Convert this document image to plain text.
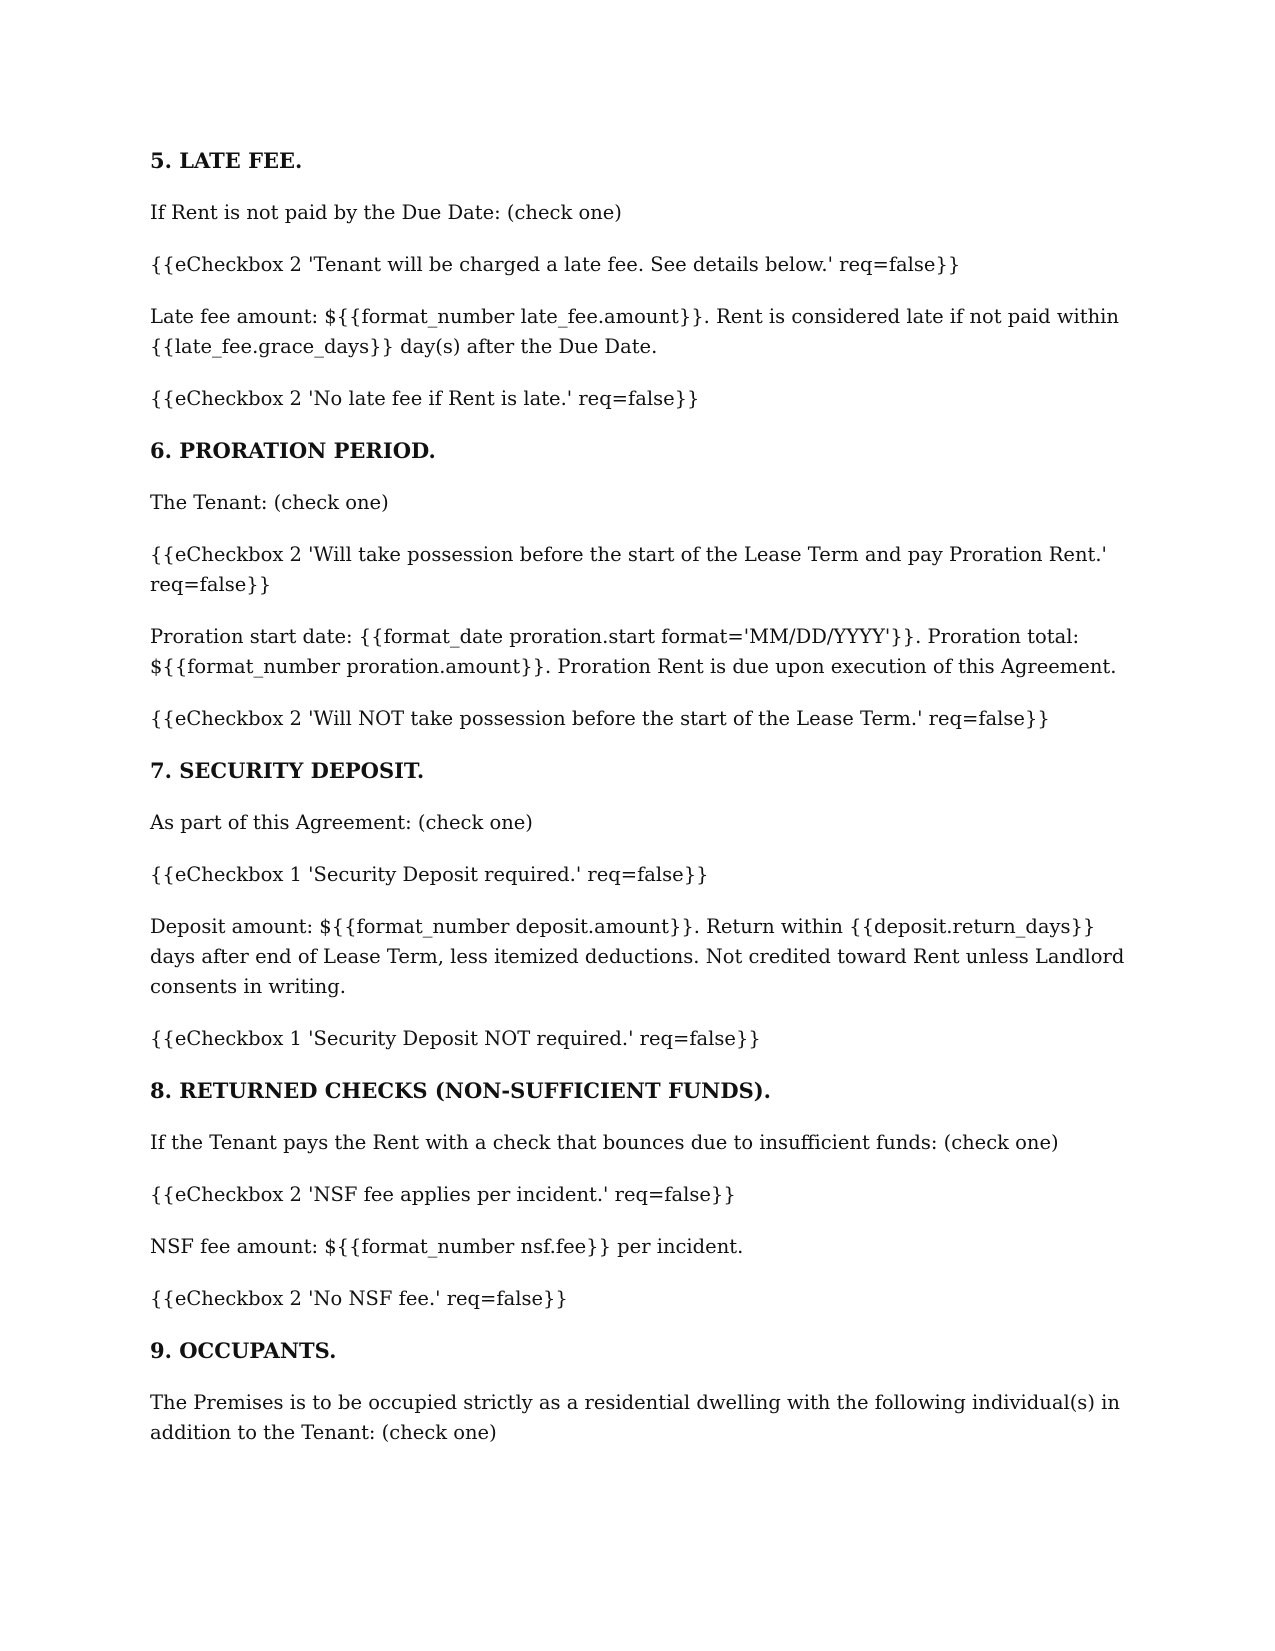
5. LATE FEE.
If Rent is not paid by the Due Date: (check one)
{{eCheckbox 2 'Tenant will be charged a late fee. See details below.' req=false}}
Late fee amount: ${{format_number late_fee.amount}}. Rent is considered late if not paid within {{late_fee.grace_days}} day(s) after the Due Date.
{{eCheckbox 2 'No late fee if Rent is late.' req=false}}
6. PRORATION PERIOD.
The Tenant: (check one)
{{eCheckbox 2 'Will take possession before the start of the Lease Term and pay Proration Rent.' req=false}}
Proration start date: {{format_date proration.start format='MM/DD/YYYY'}}. Proration total: ${{format_number proration.amount}}. Proration Rent is due upon execution of this Agreement.
{{eCheckbox 2 'Will NOT take possession before the start of the Lease Term.' req=false}}
7. SECURITY DEPOSIT.
As part of this Agreement: (check one)
{{eCheckbox 1 'Security Deposit required.' req=false}}
Deposit amount: ${{format_number deposit.amount}}. Return within {{deposit.return_days}} days after end of Lease Term, less itemized deductions. Not credited toward Rent unless Landlord consents in writing.
{{eCheckbox 1 'Security Deposit NOT required.' req=false}}
8. RETURNED CHECKS (NON-SUFFICIENT FUNDS).
If the Tenant pays the Rent with a check that bounces due to insufficient funds: (check one)
{{eCheckbox 2 'NSF fee applies per incident.' req=false}}
NSF fee amount: ${{format_number nsf.fee}} per incident.
{{eCheckbox 2 'No NSF fee.' req=false}}
9. OCCUPANTS.
The Premises is to be occupied strictly as a residential dwelling with the following individual(s) in addition to the Tenant: (check one)
